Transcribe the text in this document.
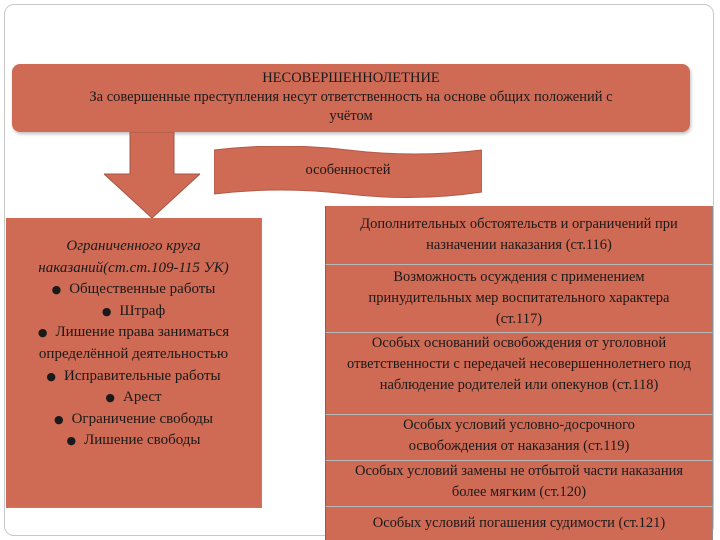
НЕСОВЕРШЕННОЛЕТНИЕ
За совершенные преступления несут ответственность на основе общих положений с
учётом
особенностей
Ограниченного круга
наказаний(ст.ст.109-115 УК)
● Общественные работы
● Штраф
● Лишение права заниматься определённой деятельностью
● Исправительные работы
● Арест
● Ограничение свободы
● Лишение свободы
Дополнительных обстоятельств и ограничений при назначении наказания (ст.116)
Возможность осуждения с применением принудительных мер воспитательного характера (ст.117)
Особых оснований освобождения от уголовной ответственности с передачей несовершеннолетнего под наблюдение родителей или опекунов (ст.118)
Особых условий условно-досрочного освобождения от наказания (ст.119)
Особых условий замены не отбытой части наказания более мягким (ст.120)
Особых условий погашения судимости (ст.121)
